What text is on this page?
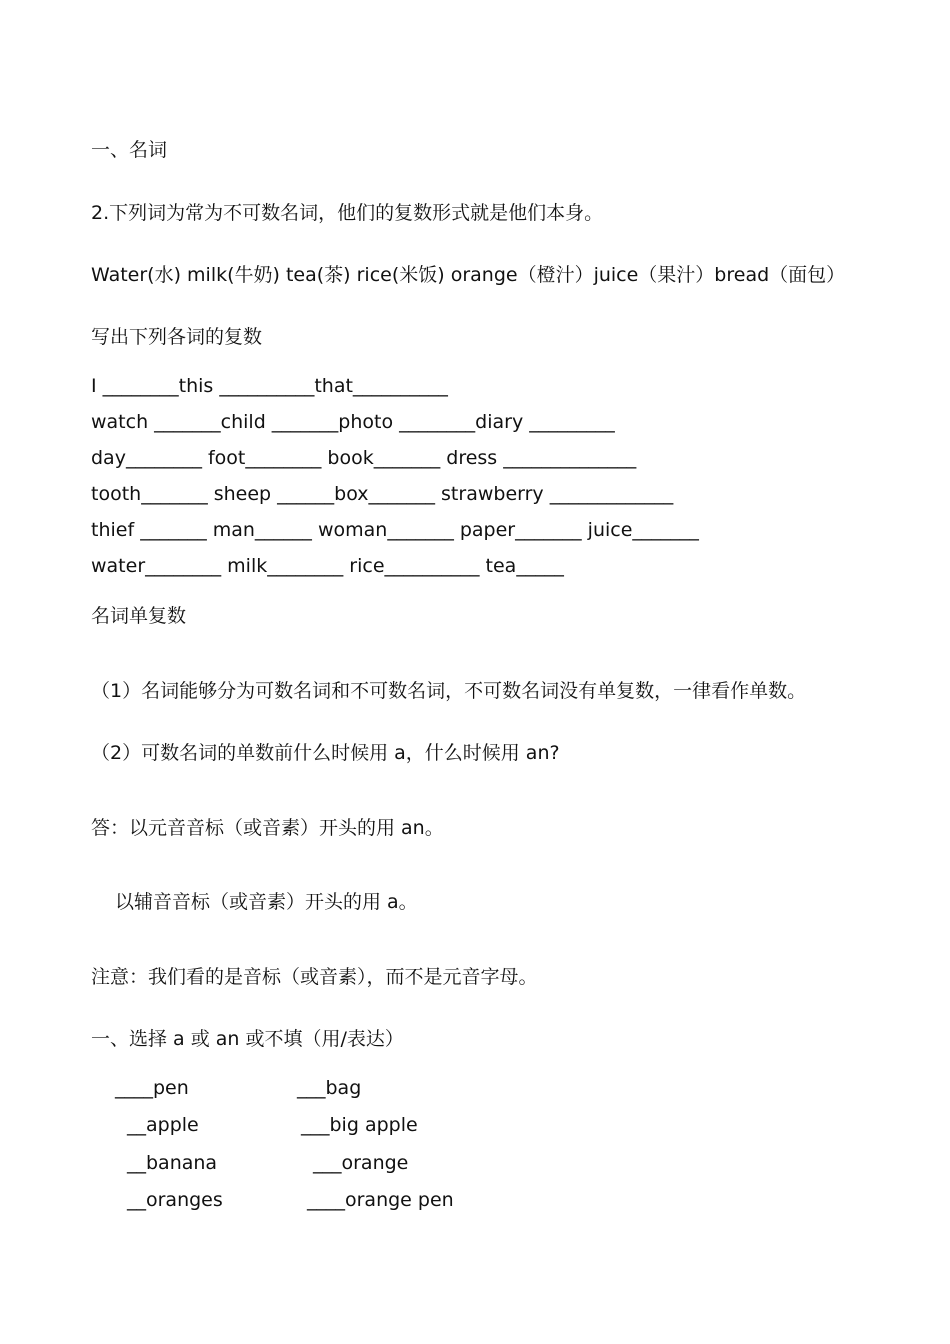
一、名词
2.下列词为常为不可数名词，他们的复数形式就是他们本身。
Water(水) milk(牛奶) tea(茶) rice(米饭) orange（橙汁）juice（果汁）bread（面包）
写出下列各词的复数
I ________this __________that__________
watch _______child _______photo ________diary _________
day________ foot________ book_______ dress ______________
tooth_______ sheep ______box_______ strawberry _____________
thief _______ man______ woman_______ paper_______ juice_______
water________ milk________ rice__________ tea_____
名词单复数
（1）名词能够分为可数名词和不可数名词，不可数名词没有单复数，一律看作单数。
（2）可数名词的单数前什么时候用 a，什么时候用 an?
答：以元音音标（或音素）开头的用 an。
以辅音音标（或音素）开头的用 a。
注意：我们看的是音标（或音素），而不是元音字母。
一、选择 a 或 an 或不填（用/表达）
____pen	___bag
__apple	___big apple
__banana	___orange
__oranges	____orange pen
